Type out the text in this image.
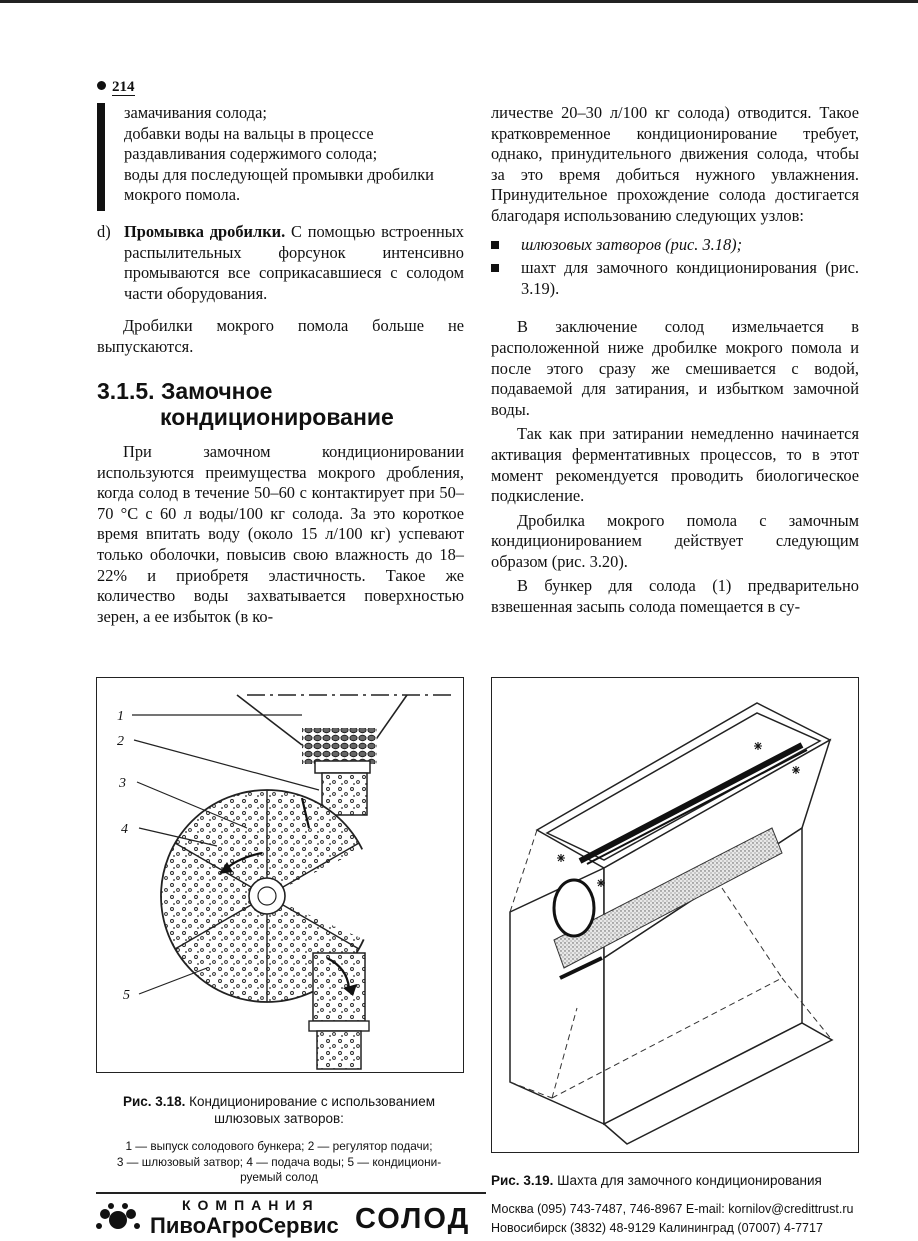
214

замачивания солода;

добавки воды на вальцы в процессе раздавливания содержимого солода;

воды для последующей промывки дробилки мокрого помола.

d) Промывка дробилки. С помощью встроенных распылительных форсунок интенсивно промываются все соприкасавшиеся с солодом части оборудования.

Дробилки мокрого помола больше не выпускаются.

3.1.5. Замочное
кондиционирование

При замочном кондиционировании используются преимущества мокрого дробления, когда солод в течение 50–60 с контактирует при 50–70 °С с 60 л воды/100 кг солода. За это короткое время впитать воду (около 15 л/100 кг) успевают только оболочки, повысив свою влажность до 18–22% и приобретя эластичность. Такое же количество воды захватывается поверхностью зерен, а ее избыток (в ко-

личестве 20–30 л/100 кг солода) отводится. Такое кратковременное кондиционирование требует, однако, принудительного движения солода, чтобы за это время добиться нужного увлажнения. Принудительное прохождение солода достигается благодаря использованию следующих узлов:

шлюзовых затворов (рис. 3.18);
шахт для замочного кондиционирования (рис. 3.19).

В заключение солод измельчается в расположенной ниже дробилке мокрого помола и после этого сразу же смешивается с водой, подаваемой для затирания, и избытком замочной воды.

Так как при затирании немедленно начинается активация ферментативных процессов, то в этот момент рекомендуется проводить биологическое подкисление.

Дробилка мокрого помола с замочным кондиционированием действует следующим образом (рис. 3.20).

В бункер для солода (1) предварительно взвешенная засыпь солода помещается в су-

1
2
3
4
5
Рис. 3.18. Кондиционирование с использованием шлюзовых затворов:
1 — выпуск солодового бункера; 2 — регулятор подачи;
3 — шлюзовый затвор; 4 — подача воды; 5 — кондициони-
руемый солод	Рис. 3.19. Шахта для замочного кондиционирования
КОМПАНИЯ
ПивоАгроСервис СОЛОД Москва (095) 743-7487, 746-8967 E-mail: kornilov@credittrust.ru
Новосибирск (3832) 48-9129 Калининград (07007) 4-7717
